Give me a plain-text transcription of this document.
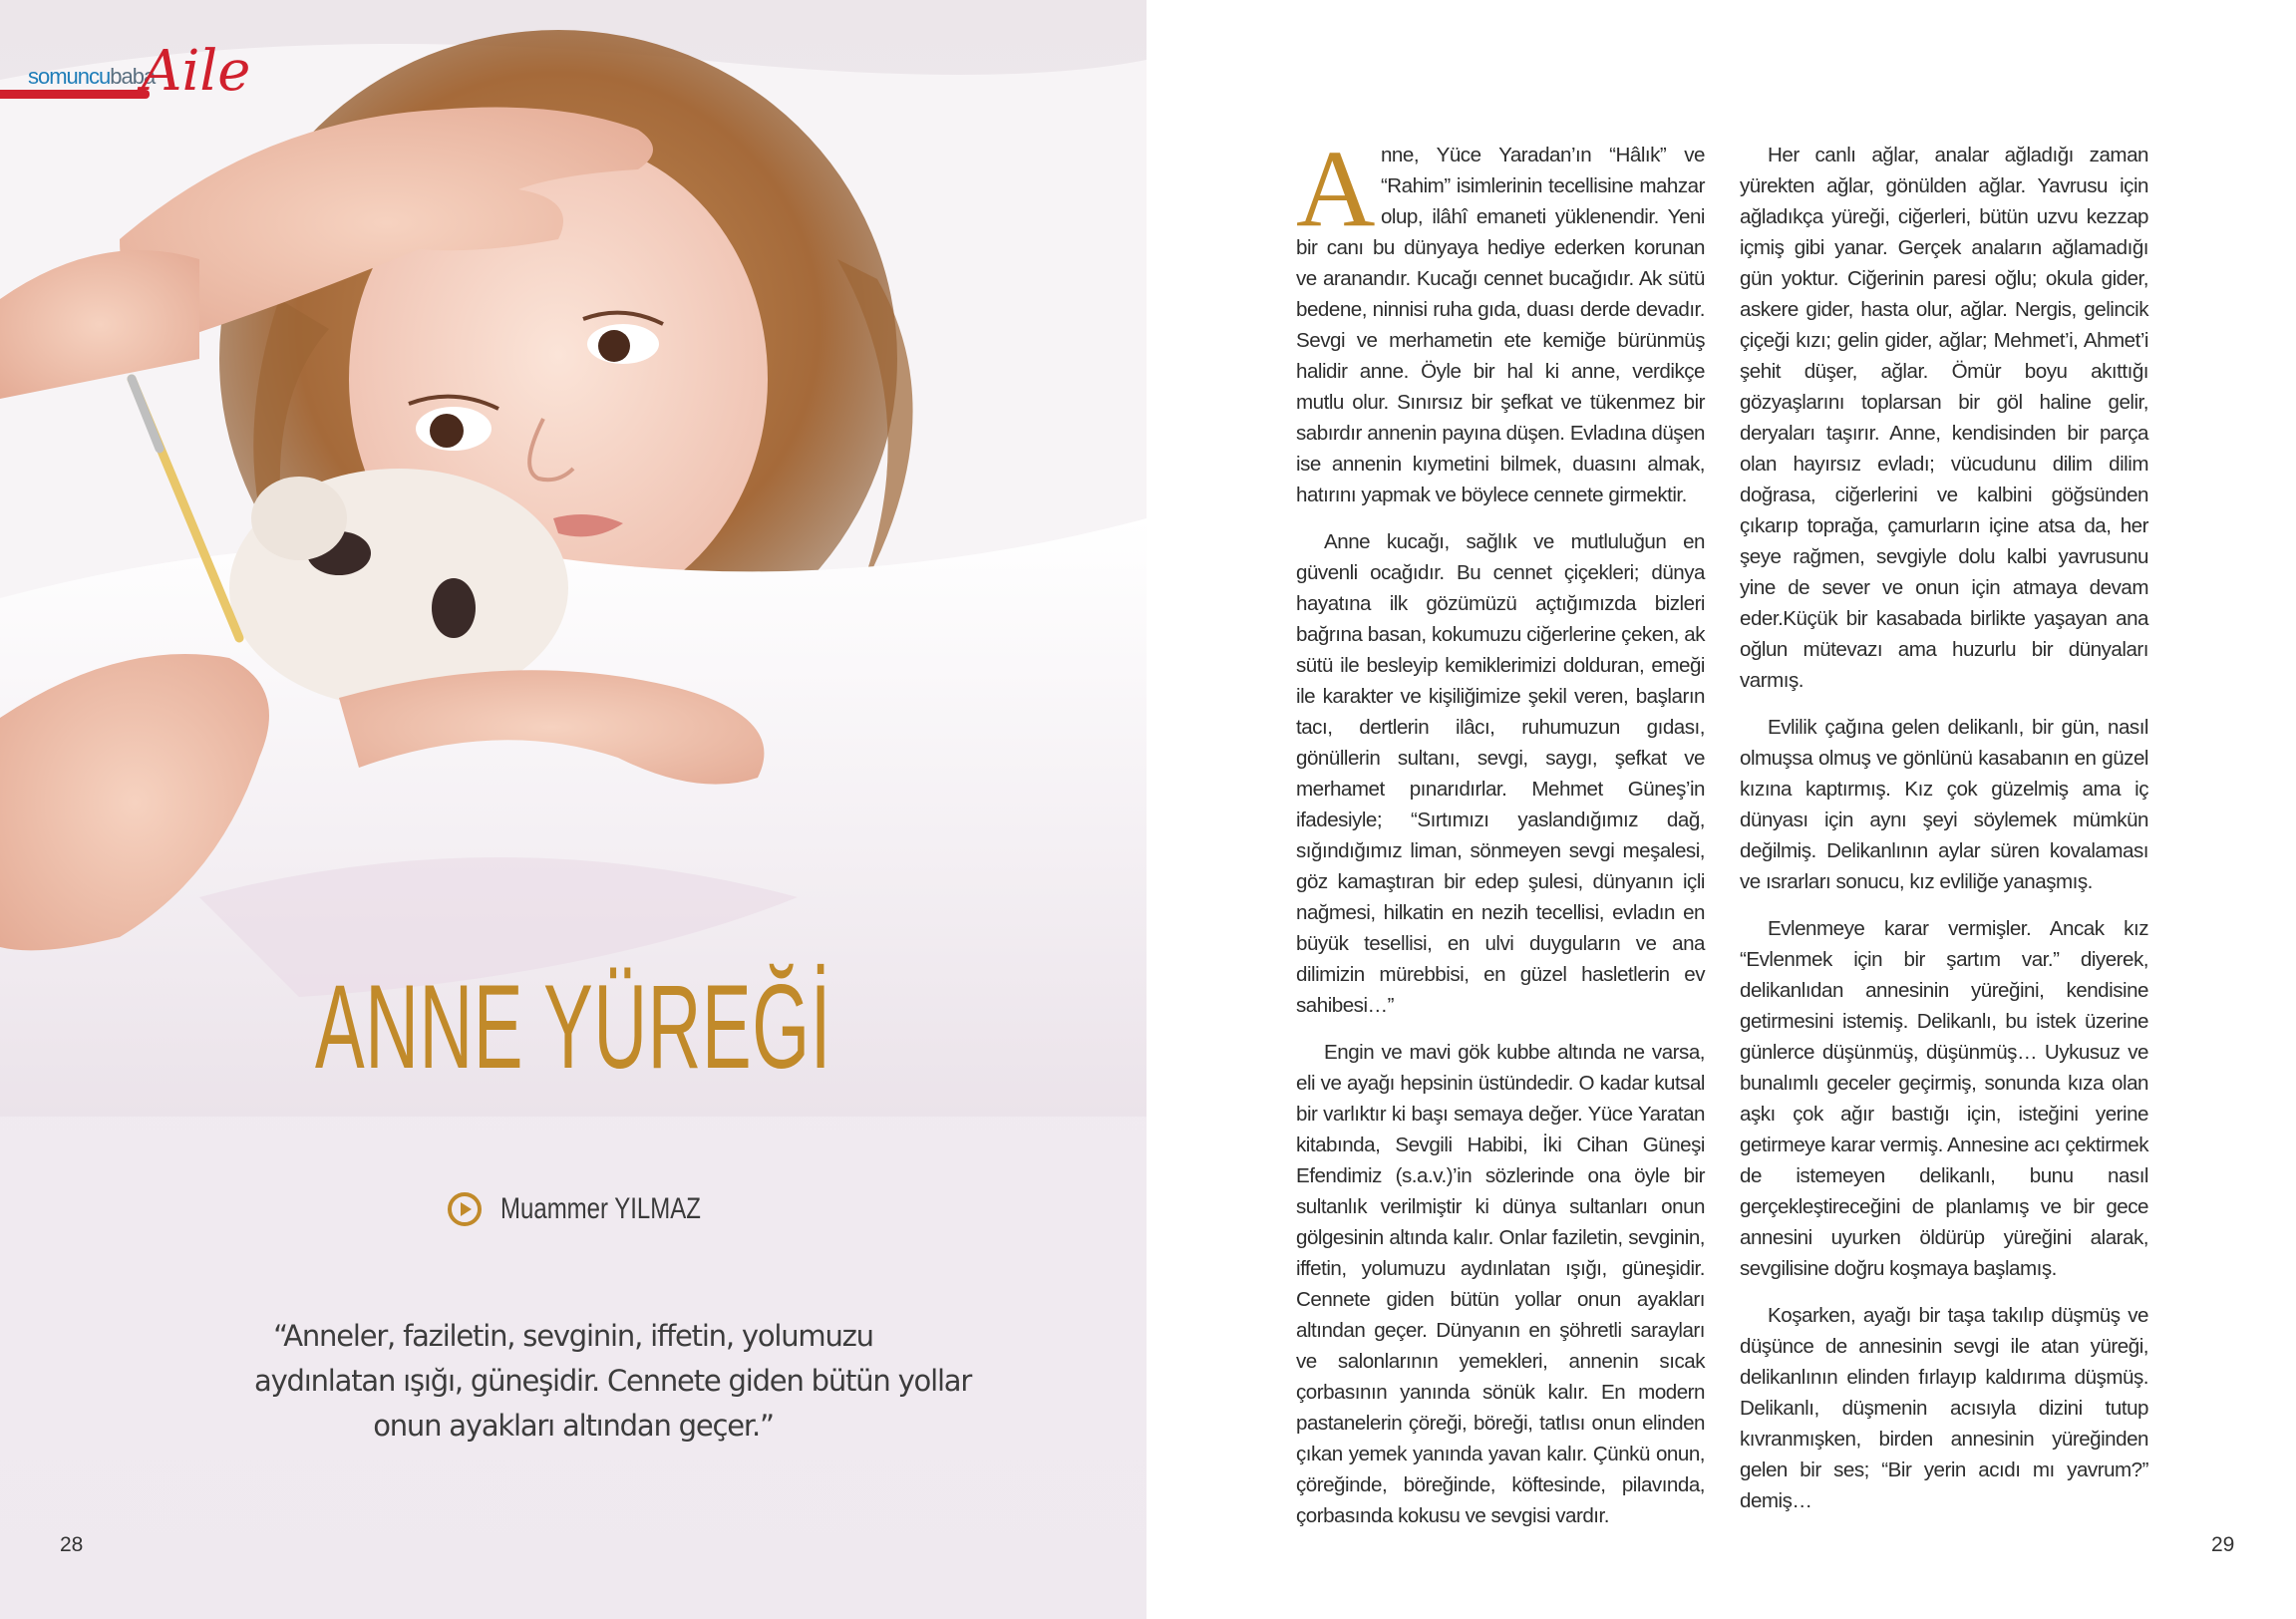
somuncubaba
Aile
ANNE YÜREĞİ
Muammer YILMAZ
“Anneler, faziletin, sevginin, iffetin, yolumuzu
aydınlatan ışığı, güneşidir. Cennete giden bütün yollar
onun ayakları altından geçer.”
28

Anne, Yüce Yaradan’ın “Hâlık” ve “Rahim” isimlerinin tecellisine mahzar olup, ilâhî emaneti yüklenendir. Yeni bir canı bu dünyaya hediye ederken korunan ve aranandır. Kucağı cennet bucağıdır. Ak sütü bedene, ninnisi ruha gıda, duası derde devadır. Sevgi ve merhametin ete kemiğe bürünmüş halidir anne. Öyle bir hal ki anne, verdikçe mutlu olur. Sınırsız bir şefkat ve tükenmez bir sabırdır annenin payına düşen. Evladına düşen ise annenin kıymetini bilmek, duasını almak, hatırını yapmak ve böylece cennete girmektir.

Anne kucağı, sağlık ve mutluluğun en güvenli ocağıdır. Bu cennet çiçekleri; dünya hayatına ilk gözümüzü açtığımızda bizleri bağrına basan, kokumuzu ciğerlerine çeken, ak sütü ile besleyip kemiklerimizi dolduran, emeği ile karakter ve kişiliğimize şekil veren, başların tacı, dertlerin ilâcı, ruhumuzun gıdası, gönüllerin sultanı, sevgi, saygı, şefkat ve merhamet pınarıdırlar. Mehmet Güneş’in ifadesiyle; “Sırtımızı yaslandığımız dağ, sığındığımız liman, sönmeyen sevgi meşalesi, göz kamaştıran bir edep şulesi, dünyanın içli nağmesi, hilkatin en nezih tecellisi, evladın en büyük tesellisi, en ulvi duyguların ve ana dilimizin mürebbisi, en güzel hasletlerin ev sahibesi…”

Engin ve mavi gök kubbe altında ne varsa, eli ve ayağı hepsinin üstündedir. O kadar kutsal bir varlıktır ki başı semaya değer. Yüce Yaratan kitabında, Sevgili Habibi, İki Cihan Güneşi Efendimiz (s.a.v.)’in sözlerinde ona öyle bir sultanlık verilmiştir ki dünya sultanları onun gölgesinin altında kalır. Onlar faziletin, sevginin, iffetin, yolumuzu aydınlatan ışığı, güneşidir. Cennete giden bütün yollar onun ayakları altından geçer. Dünyanın en şöhretli sarayları ve salonlarının yemekleri, annenin sıcak çorbasının yanında sönük kalır. En modern pastanelerin çöreği, böreği, tatlısı onun elinden çıkan yemek yanında yavan kalır. Çünkü onun, çöreğinde, böreğinde, köftesinde, pilavında, çorbasında kokusu ve sevgisi vardır.

Her canlı ağlar, analar ağladığı zaman yürekten ağlar, gönülden ağlar. Yavrusu için ağladıkça yüreği, ciğerleri, bütün uzvu kezzap içmiş gibi yanar. Gerçek anaların ağlamadığı gün yoktur. Ciğerinin paresi oğlu; okula gider, askere gider, hasta olur, ağlar. Nergis, gelincik çiçeği kızı; gelin gider, ağlar; Mehmet’i, Ahmet’i şehit düşer, ağlar. Ömür boyu akıttığı gözyaşlarını toplarsan bir göl haline gelir, deryaları taşırır. Anne, kendisinden bir parça olan hayırsız evladı; vücudunu dilim dilim doğrasa, ciğerlerini ve kalbini göğsünden çıkarıp toprağa, çamurların içine atsa da, her şeye rağmen, sevgiyle dolu kalbi yavrusunu yine de sever ve onun için atmaya devam eder.Küçük bir kasabada birlikte yaşayan ana oğlun mütevazı ama huzurlu bir dünyaları varmış.

Evlilik çağına gelen delikanlı, bir gün, nasıl olmuşsa olmuş ve gönlünü kasabanın en güzel kızına kaptırmış. Kız çok güzelmiş ama iç dünyası için aynı şeyi söylemek mümkün değilmiş. Delikanlının aylar süren kovalaması ve ısrarları sonucu, kız evliliğe yanaşmış.

Evlenmeye karar vermişler. Ancak kız “Evlenmek için bir şartım var.” diyerek, delikanlıdan annesinin yüreğini, kendisine getirmesini istemiş. Delikanlı, bu istek üzerine günlerce düşünmüş, düşünmüş… Uykusuz ve bunalımlı geceler geçirmiş, sonunda kıza olan aşkı çok ağır bastığı için, isteğini yerine getirmeye karar vermiş. Annesine acı çektirmek de istemeyen delikanlı, bunu nasıl gerçekleştireceğini de planlamış ve bir gece annesini uyurken öldürüp yüreğini alarak, sevgilisine doğru koşmaya başlamış.

Koşarken, ayağı bir taşa takılıp düşmüş ve düşünce de annesinin sevgi ile atan yüreği, delikanlının elinden fırlayıp kaldırıma düşmüş. Delikanlı, düşmenin acısıyla dizini tutup kıvranmışken, birden annesinin yüreğinden gelen bir ses; “Bir yerin acıdı mı yavrum?” demiş…

29
